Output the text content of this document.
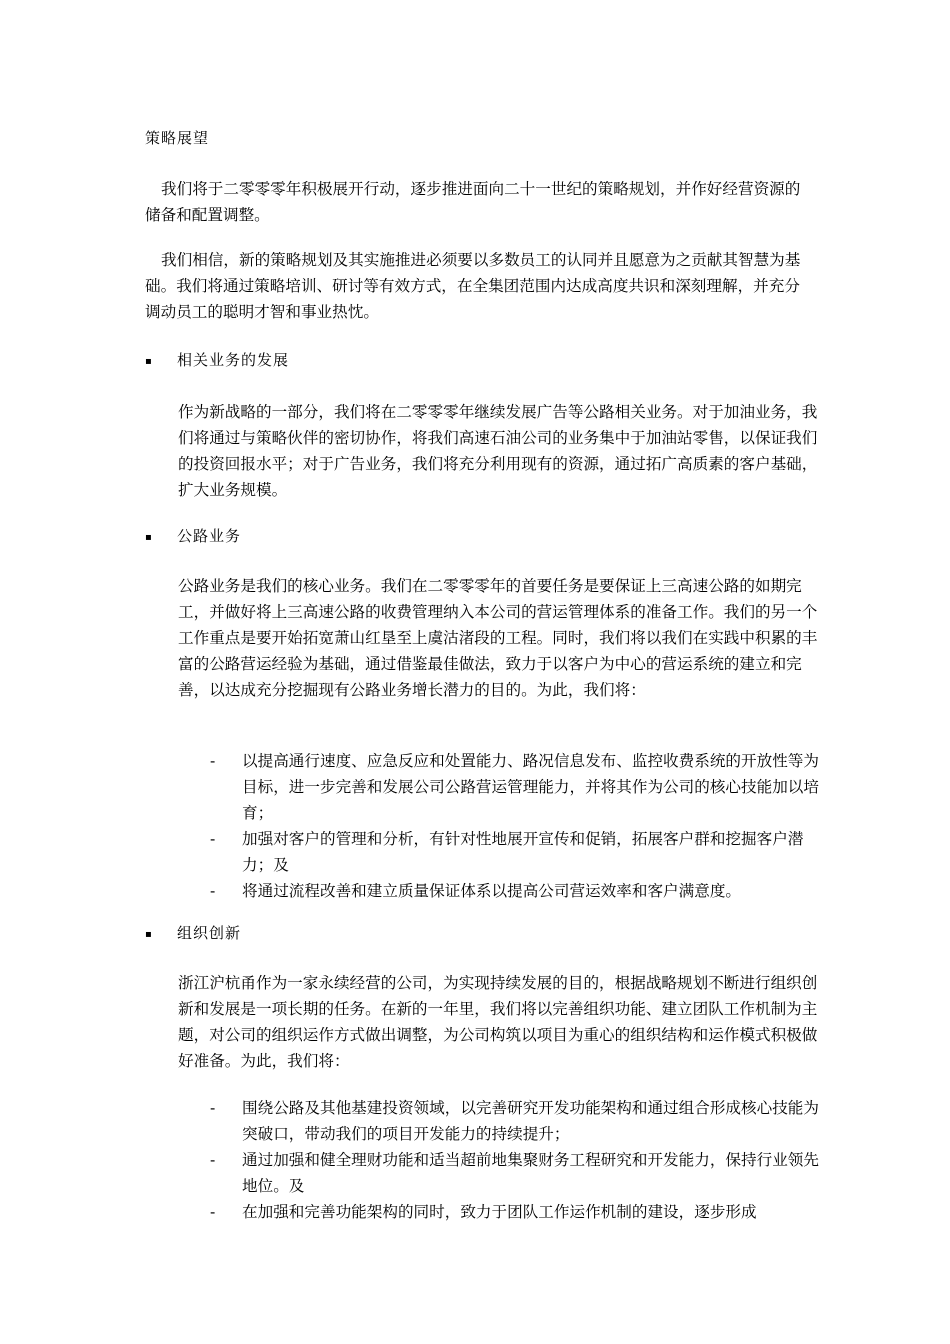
策略展望

我们将于二零零零年积极展开行动，逐步推进面向二十一世纪的策略规划，并作好经营资源的储备和配置调整。

我们相信，新的策略规划及其实施推进必须要以多数员工的认同并且愿意为之贡献其智慧为基础。我们将通过策略培训、研讨等有效方式，在全集团范围内达成高度共识和深刻理解，并充分调动员工的聪明才智和事业热忱。

▪ 相关业务的发展

作为新战略的一部分，我们将在二零零零年继续发展广告等公路相关业务。对于加油业务，我们将通过与策略伙伴的密切协作，将我们高速石油公司的业务集中于加油站零售，以保证我们的投资回报水平；对于广告业务，我们将充分利用现有的资源，通过拓广高质素的客户基础，扩大业务规模。

▪ 公路业务

公路业务是我们的核心业务。我们在二零零零年的首要任务是要保证上三高速公路的如期完工，并做好将上三高速公路的收费管理纳入本公司的营运管理体系的准备工作。我们的另一个工作重点是要开始拓宽萧山红垦至上虞沽渚段的工程。同时，我们将以我们在实践中积累的丰富的公路营运经验为基础，通过借鉴最佳做法，致力于以客户为中心的营运系统的建立和完善，以达成充分挖掘现有公路业务增长潜力的目的。为此，我们将：

- 以提高通行速度、应急反应和处置能力、路况信息发布、监控收费系统的开放性等为目标，进一步完善和发展公司公路营运管理能力，并将其作为公司的核心技能加以培育；
- 加强对客户的管理和分析，有针对性地展开宣传和促销，拓展客户群和挖掘客户潜力；及
- 将通过流程改善和建立质量保证体系以提高公司营运效率和客户满意度。
▪ 组织创新

浙江沪杭甬作为一家永续经营的公司，为实现持续发展的目的，根据战略规划不断进行组织创新和发展是一项长期的任务。在新的一年里，我们将以完善组织功能、建立团队工作机制为主题，对公司的组织运作方式做出调整，为公司构筑以项目为重心的组织结构和运作模式积极做好准备。为此，我们将：

- 围绕公路及其他基建投资领域，以完善研究开发功能架构和通过组合形成核心技能为突破口，带动我们的项目开发能力的持续提升；
- 通过加强和健全理财功能和适当超前地集聚财务工程研究和开发能力，保持行业领先地位。及
- 在加强和完善功能架构的同时，致力于团队工作运作机制的建设，逐步形成
